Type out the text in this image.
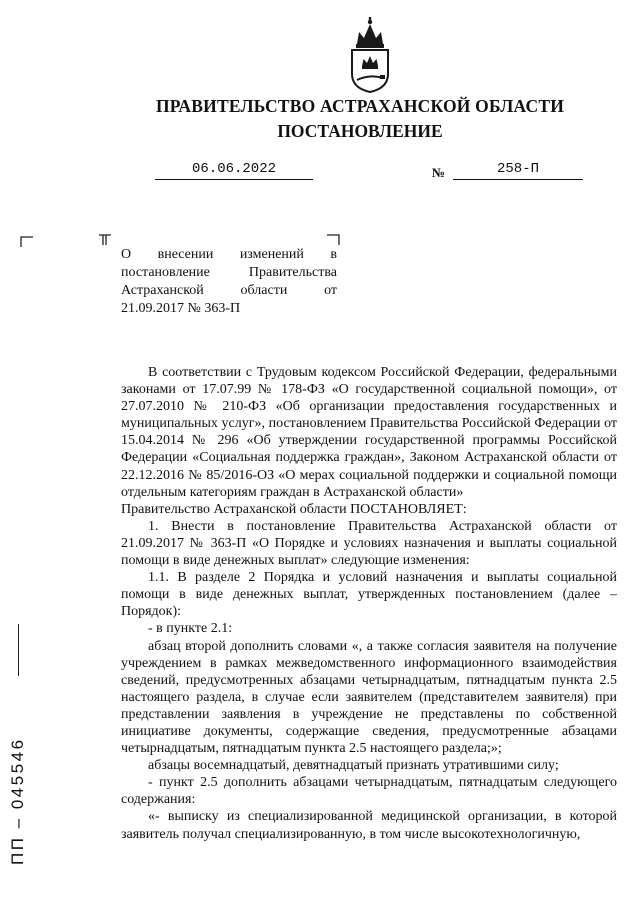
ПРАВИТЕЛЬСТВО АСТРАХАНСКОЙ ОБЛАСТИ
ПОСТАНОВЛЕНИЕ
06.06.2022	№	258-П
О внесении изменений в постановление Правительства Астраханской области от 21.09.2017 № 363-П

В соответствии с Трудовым кодексом Российской Федерации, федеральными законами от 17.07.99 № 178-ФЗ «О государственной социальной помощи», от 27.07.2010 № 210-ФЗ «Об организации предоставления государственных и муниципальных услуг», постановлением Правительства Российской Федерации от 15.04.2014 № 296 «Об утверждении государственной программы Российской Федерации «Социальная поддержка граждан», Законом Астраханской области от 22.12.2016 № 85/2016-ОЗ «О мерах социальной поддержки и социальной помощи отдельным категориям граждан в Астраханской области»

Правительство Астраханской области ПОСТАНОВЛЯЕТ:

1. Внести в постановление Правительства Астраханской области от 21.09.2017 № 363-П «О Порядке и условиях назначения и выплаты социальной помощи в виде денежных выплат» следующие изменения:

1.1. В разделе 2 Порядка и условий назначения и выплаты социальной помощи в виде денежных выплат, утвержденных постановлением (далее – Порядок):

- в пункте 2.1:

абзац второй дополнить словами «, а также согласия заявителя на получение учреждением в рамках межведомственного информационного взаимодействия сведений, предусмотренных абзацами четырнадцатым, пятнадцатым пункта 2.5 настоящего раздела, в случае если заявителем (представителем заявителя) при представлении заявления в учреждение не представлены по собственной инициативе документы, содержащие сведения, предусмотренные абзацами четырнадцатым, пятнадцатым пункта 2.5 настоящего раздела;»;

абзацы восемнадцатый, девятнадцатый признать утратившими силу;

- пункт 2.5 дополнить абзацами четырнадцатым, пятнадцатым следующего содержания:

«- выписку из специализированной медицинской организации, в которой заявитель получал специализированную, в том числе высокотехнологичную,

ПП – 045546
